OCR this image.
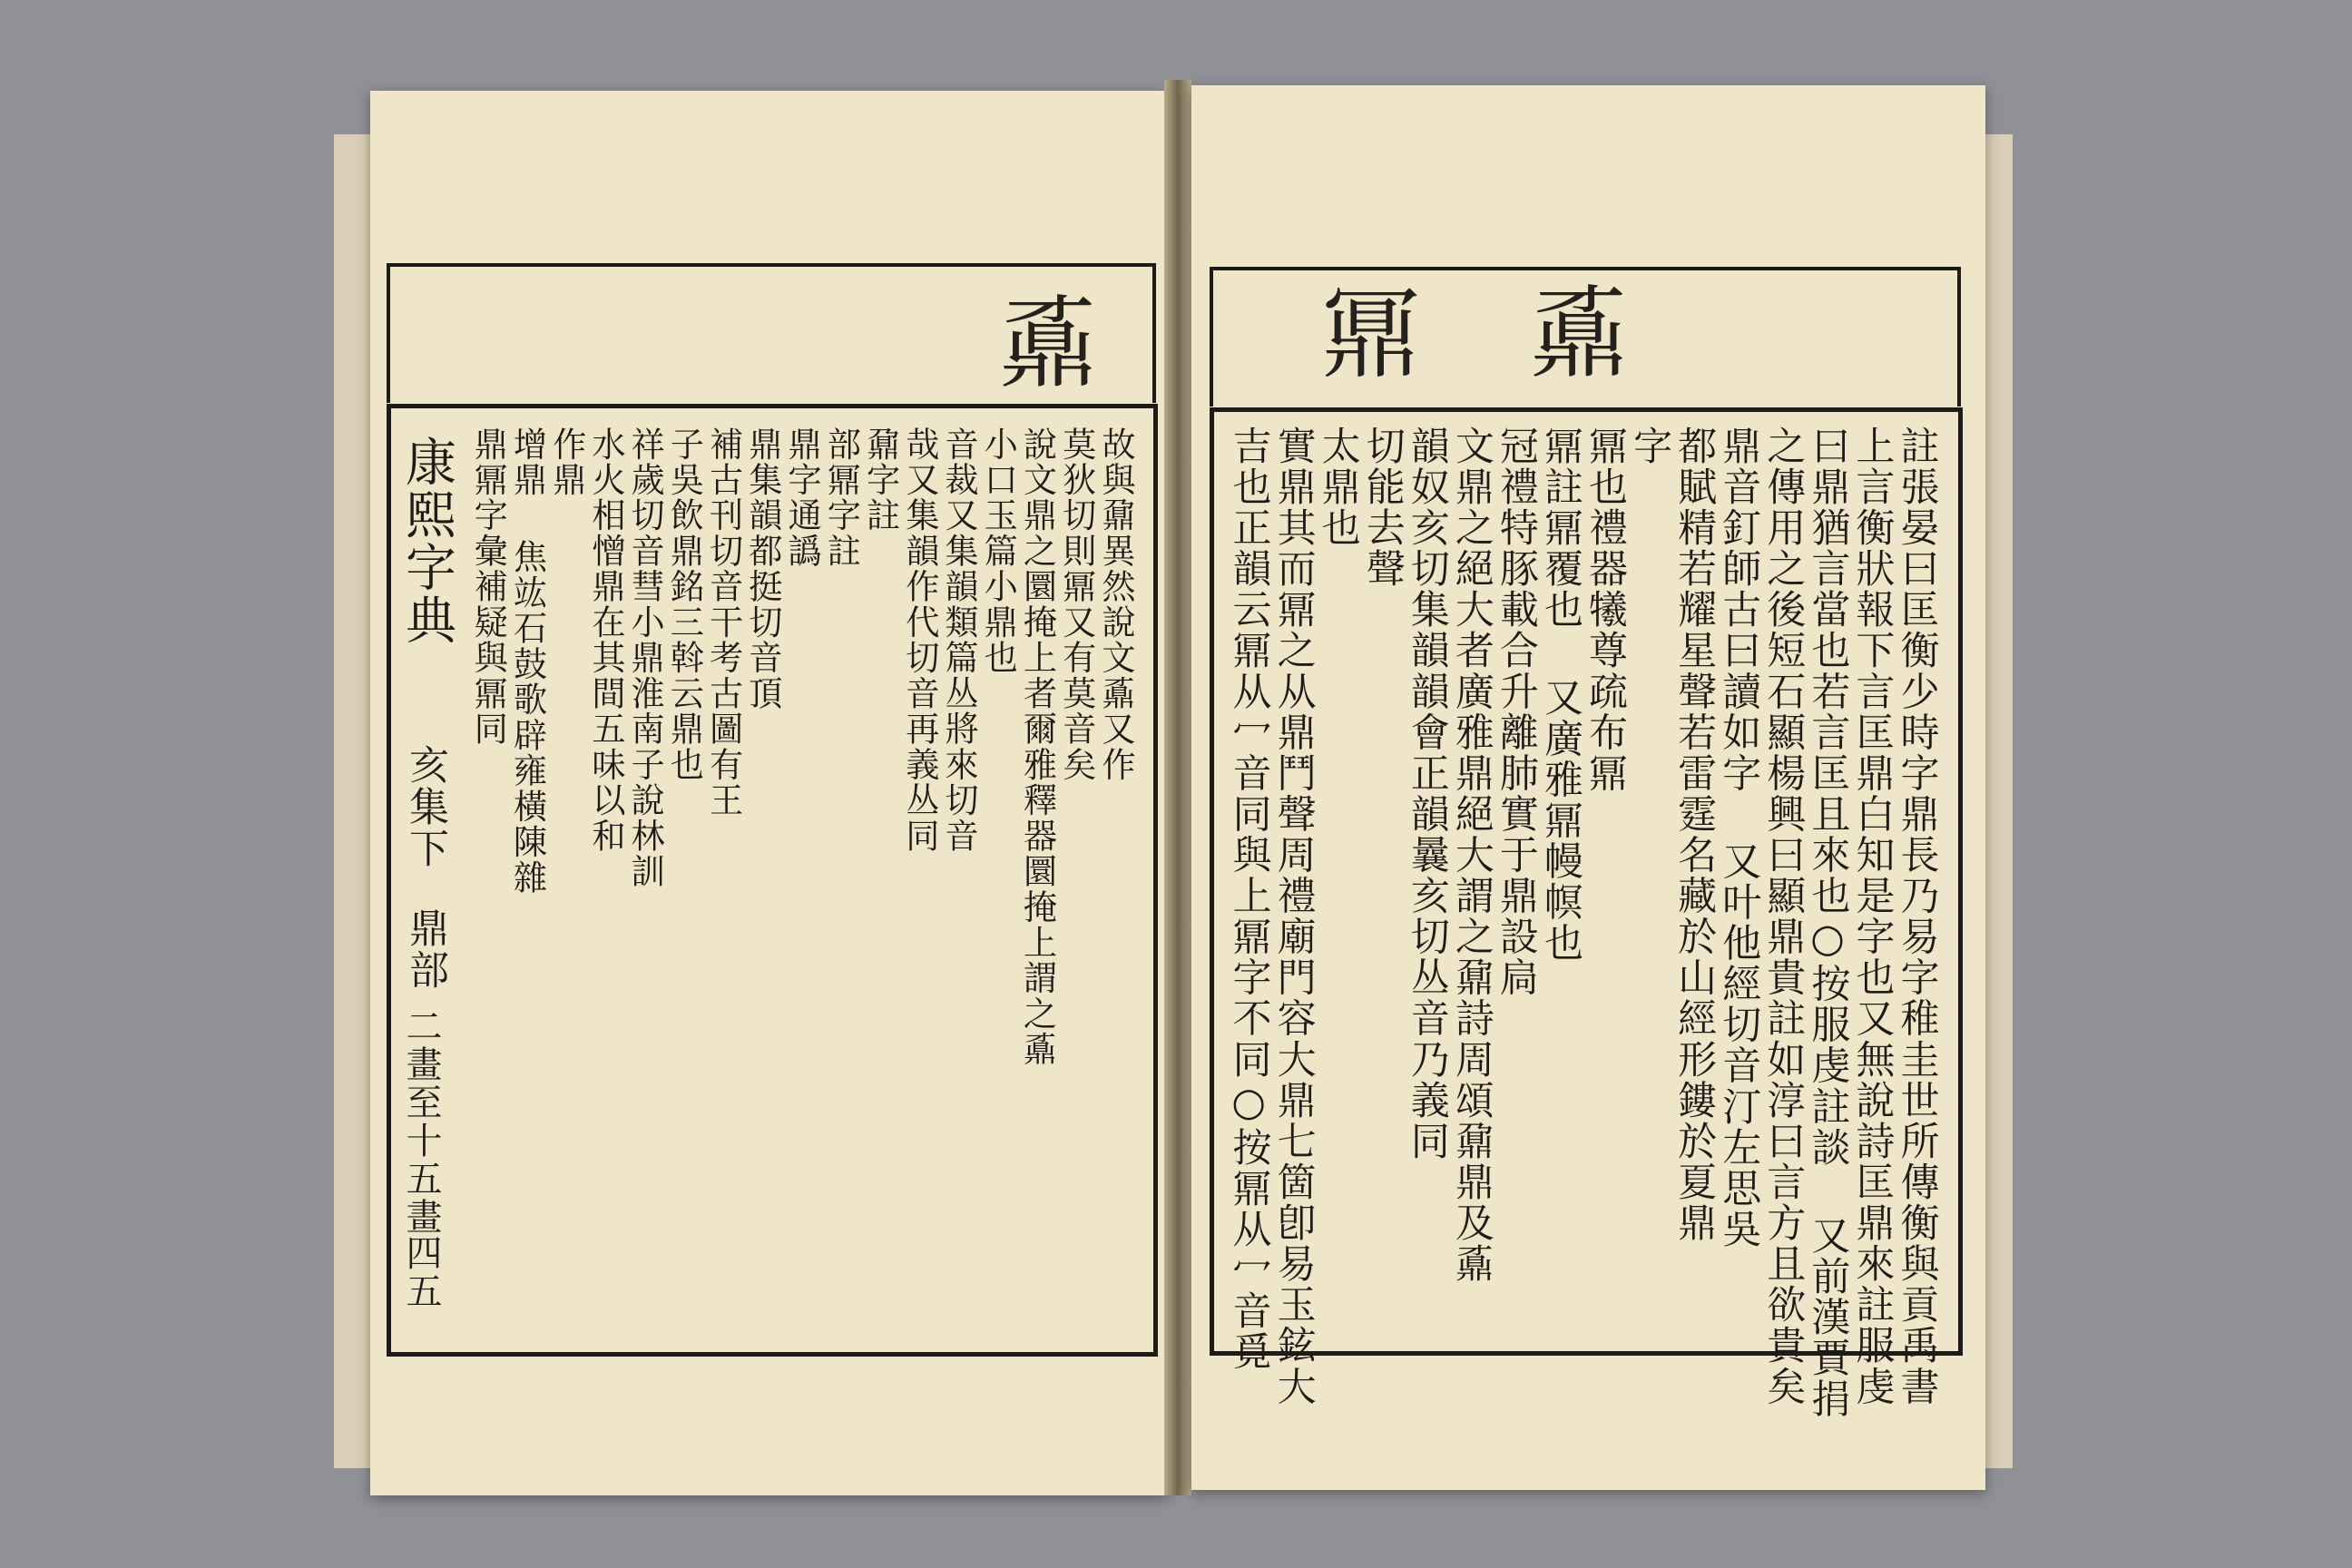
鼒
康熙字典
亥集下
鼎部
二畫至十五畫
四五
故與鼐異然說文鼒又作
莫狄切則鼏又有莫音矣
說文鼎之圜掩上者爾雅釋器圜掩上謂之鼒
小口玉篇小鼎也
音裁又集韻類篇丛將來切音
哉又集韻作代切音再義丛同
鼐字註
部鼏字註
鼎字通譌
鼎集韻都挺切音頂
補古刊切音干考古圖有王
子吳飲鼎銘三斡云鼎也
祥歲切音彗小鼎淮南子說林訓
水火相憎鼎在其間五味以和
作鼎
增鼎 焦竑石鼓歌辟雍橫陳雜
鼎鼏字彙補疑與鼏同
鼏 鼒
註張晏曰匡衡少時字鼎長乃易字稚圭世所傳衡與貢禹書
上言衡狀報下言匡鼎白知是字也又無說詩匡鼎來註服虔
曰鼎猶言當也若言匡且來也○按服虔註談 又前漢賈捐
之傳用之後短石顯楊興曰顯鼎貴註如淳曰言方且欲貴矣
鼎音釘師古曰讀如字 又叶他經切音汀左思吳
都賦精若耀星聲若雷霆名藏於山經形鏤於夏鼎
字
鼏也禮器犧尊疏布鼏
鼏註鼏覆也 又廣雅鼏幔幎也
冠禮特豚載合升離肺實于鼎設扃
文鼎之絕大者廣雅鼎絕大謂之鼐詩周頌鼐鼎及鼒
韻奴亥切集韻韻會正韻曩亥切丛音乃義同
切能去聲
太鼎也
實鼎其而鼏之从鼎鬥聲周禮廟門容大鼎七箇卽易玉鉉大
吉也正韻云鼏从冖音同與上鼏字不同○按鼏从冖音覓
